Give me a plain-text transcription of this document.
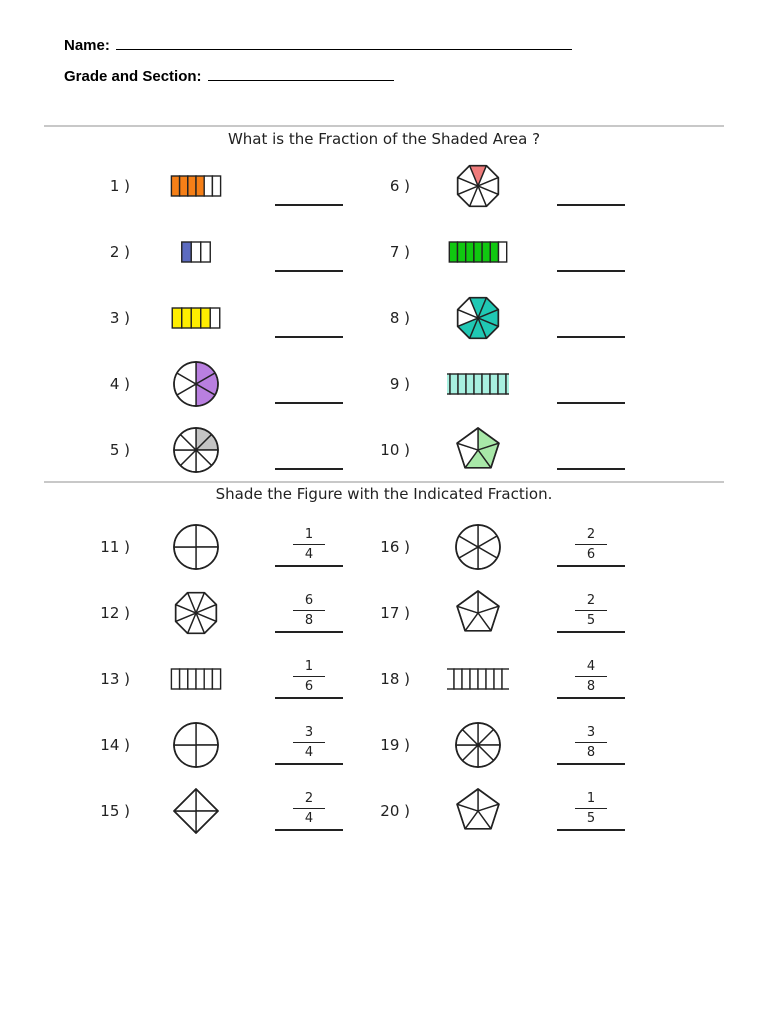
Name:
Grade and Section:
What is the Fraction of the Shaded Area ?
1 )
2 )
3 )
4 )
5 )
6 )
7 )
8 )
9 )
10 )
Shade the Figure with the Indicated Fraction.
11 )
1
4
12 )
6
8
13 )
1
6
14 )
3
4
15 )
2
4
16 )
2
6
17 )
2
5
18 )
4
8
19 )
3
8
20 )
1
5
